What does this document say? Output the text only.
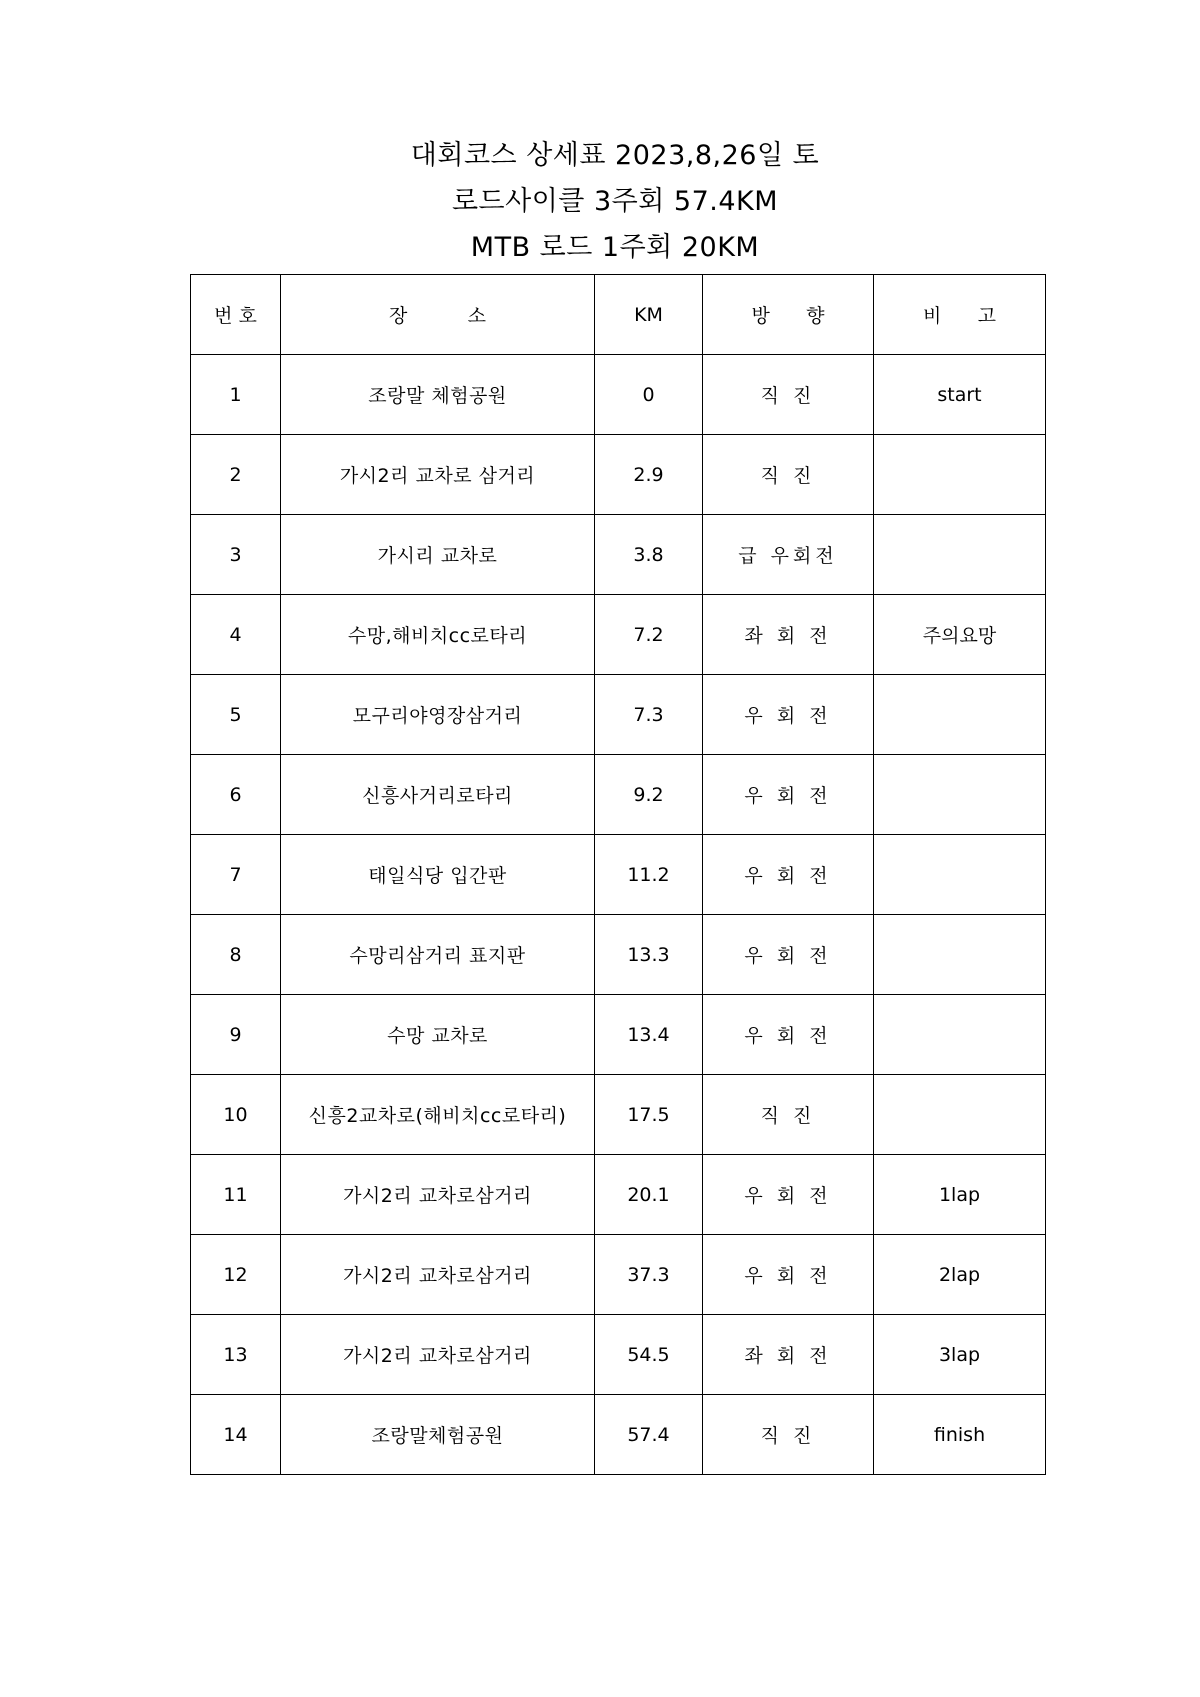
대회코스 상세표 2023,8,26일 토
로드사이클 3주회 57.4KM
MTB 로드 1주회 20KM
번 호	장          소	KM	방      향	비      고
1	조랑말 체험공원	0	직 진	start
2	가시2리 교차로 삼거리	2.9	직 진	
3	가시리 교차로	3.8	급 우회전	
4	수망,해비치cc로타리	7.2	좌 회 전	주의요망
5	모구리야영장삼거리	7.3	우 회 전	
6	신흥사거리로타리	9.2	우 회 전	
7	태일식당 입간판	11.2	우 회 전	
8	수망리삼거리 표지판	13.3	우 회 전	
9	수망 교차로	13.4	우 회 전	
10	신흥2교차로(해비치cc로타리)	17.5	직 진	
11	가시2리 교차로삼거리	20.1	우 회 전	1lap
12	가시2리 교차로삼거리	37.3	우 회 전	2lap
13	가시2리 교차로삼거리	54.5	좌 회 전	3lap
14	조랑말체험공원	57.4	직 진	finish
